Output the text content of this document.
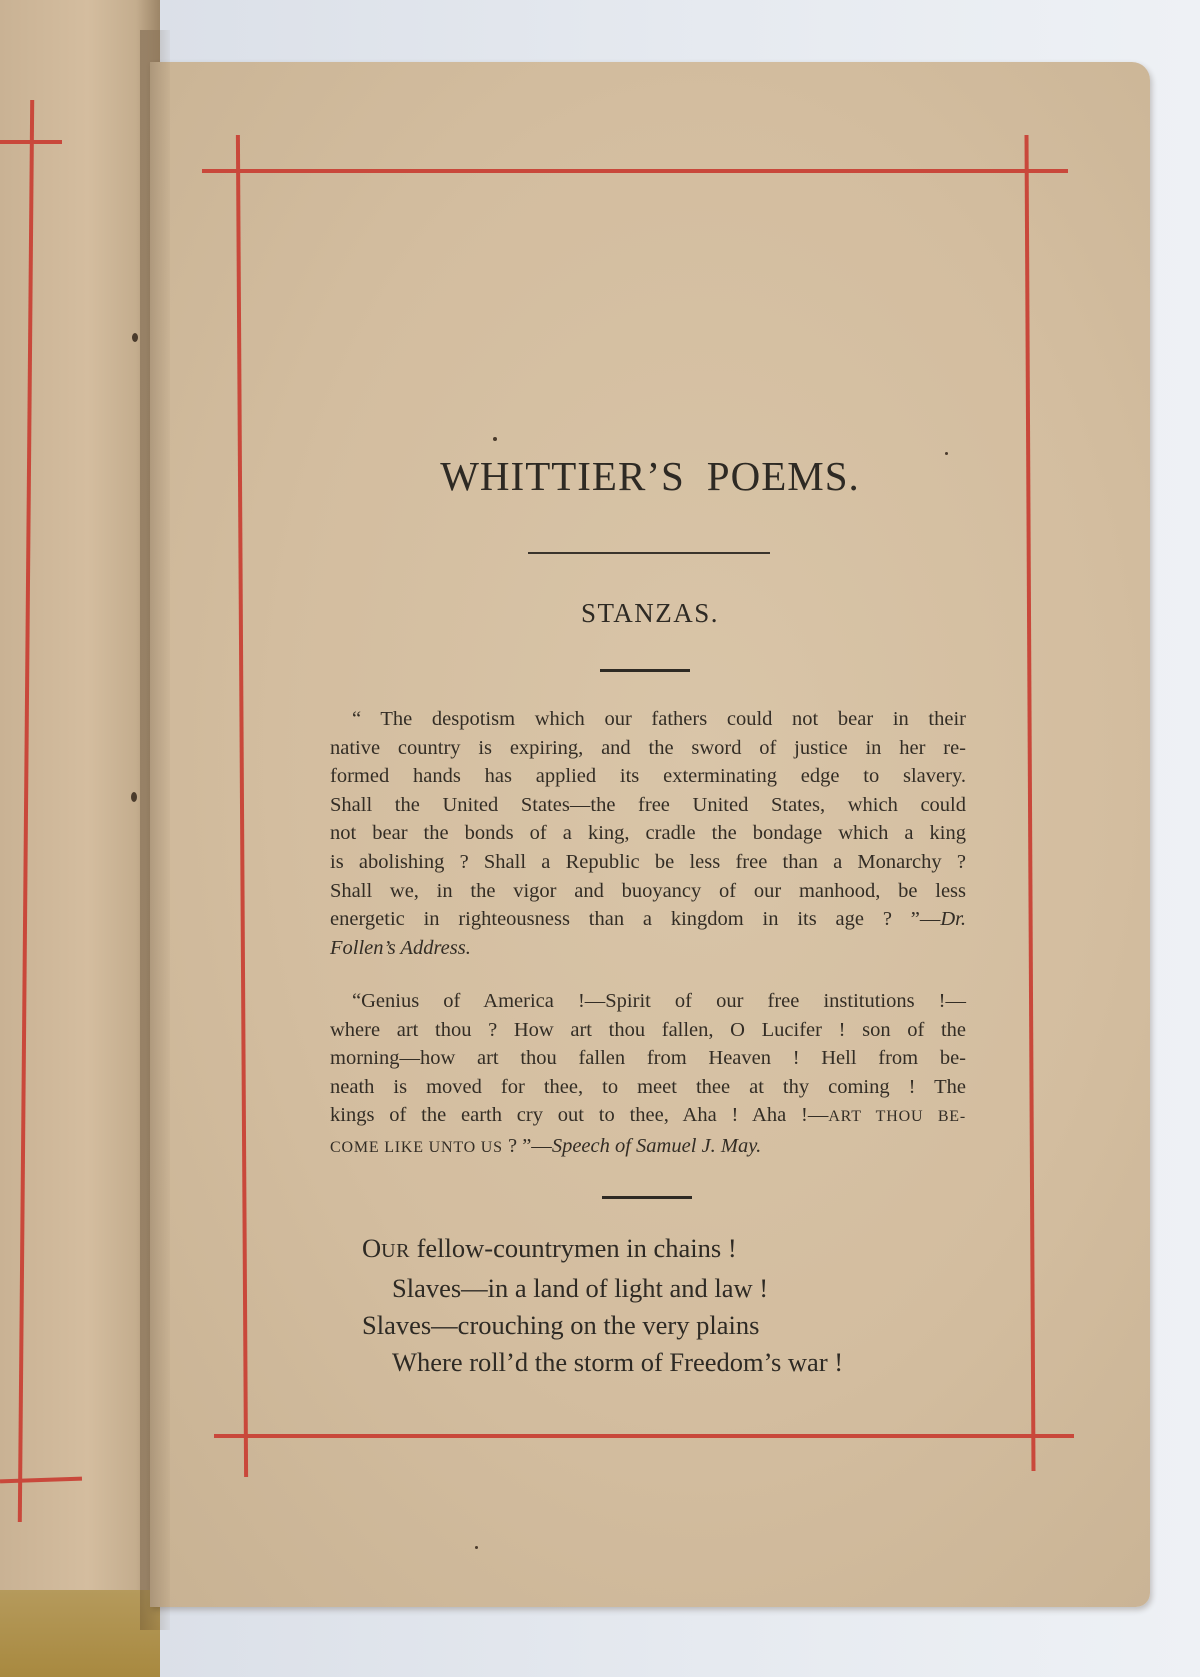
WHITTIER’S POEMS.
STANZAS.
“ The despotism which our fathers could not bear in their
native country is expiring, and the sword of justice in her re-
formed hands has applied its exterminating edge to slavery.
Shall the United States—the free United States, which could
not bear the bonds of a king, cradle the bondage which a king
is abolishing ? Shall a Republic be less free than a Monarchy ?
Shall we, in the vigor and buoyancy of our manhood, be less
energetic in righteousness than a kingdom in its age ? ”—Dr.
Follen’s Address.
“Genius of America !—Spirit of our free institutions !—
where art thou ? How art thou fallen, O Lucifer ! son of the
morning—how art thou fallen from Heaven ! Hell from be-
neath is moved for thee, to meet thee at thy coming ! The
kings of the earth cry out to thee, Aha ! Aha !—ART THOU BE-
COME LIKE UNTO US ? ”—Speech of Samuel J. May.
OUR fellow-countrymen in chains !
Slaves—in a land of light and law !
Slaves—crouching on the very plains
Where roll’d the storm of Freedom’s war !
